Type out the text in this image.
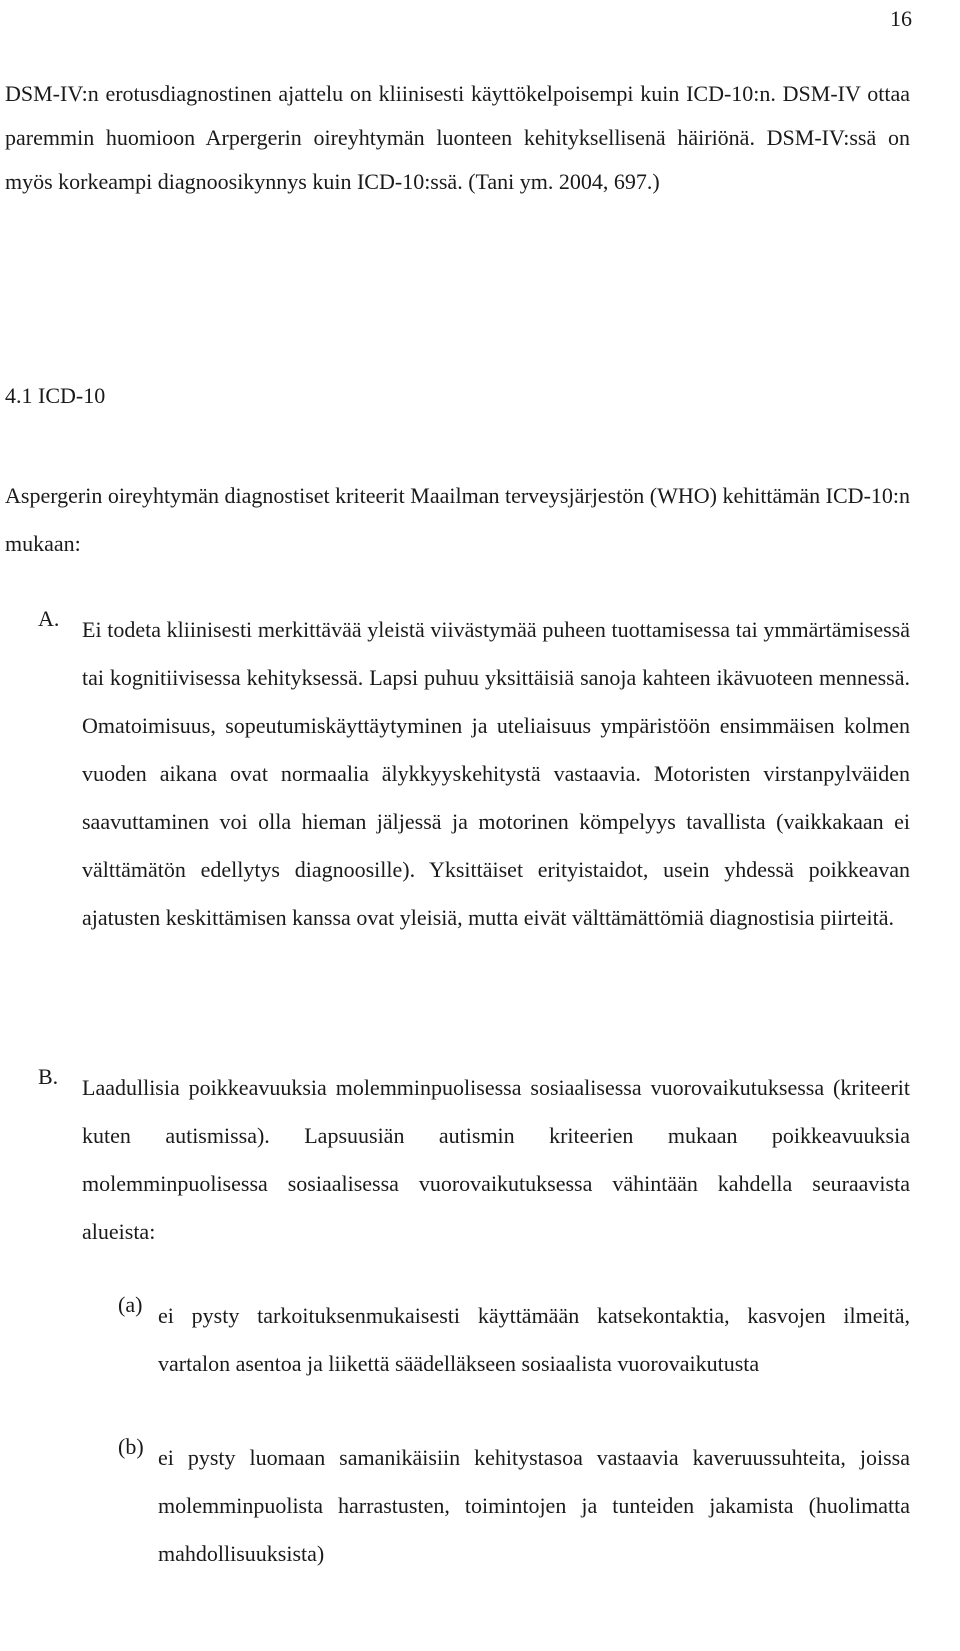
16

DSM-IV:n erotusdiagnostinen ajattelu on kliinisesti käyttökelpoisempi kuin ICD-10:n. DSM-IV ottaa paremmin huomioon Arpergerin oireyhtymän luonteen kehityksellisenä häiriönä. DSM-IV:ssä on myös korkeampi diagnoosikynnys kuin ICD-10:ssä. (Tani ym. 2004, 697.)

4.1 ICD-10

Aspergerin oireyhtymän diagnostiset kriteerit Maailman terveysjärjestön (WHO) kehittämän ICD-10:n mukaan:

A.	Ei todeta kliinisesti merkittävää yleistä viivästymää puheen tuottamisessa tai ymmärtämisessä tai kognitiivisessa kehityksessä. Lapsi puhuu yksittäisiä sanoja kahteen ikävuoteen mennessä. Omatoimisuus, sopeutumiskäyttäytyminen ja uteliaisuus ympäristöön ensimmäisen kolmen vuoden aikana ovat normaalia älykkyyskehitystä vastaavia. Motoristen virstanpylväiden saavuttaminen voi olla hieman jäljessä ja motorinen kömpelyys tavallista (vaikkakaan ei välttämätön edellytys diagnoosille). Yksittäiset erityistaidot, usein yhdessä poikkeavan ajatusten keskittämisen kanssa ovat yleisiä, mutta eivät välttämättömiä diagnostisia piirteitä.
B.	Laadullisia poikkeavuuksia molemminpuolisessa sosiaalisessa vuorovaikutuksessa (kriteerit kuten autismissa). Lapsuusiän autismin kriteerien mukaan poikkeavuuksia molemminpuolisessa sosiaalisessa vuorovaikutuksessa vähintään kahdella seuraavista alueista:
(a) ei pysty tarkoituksenmukaisesti käyttämään katsekontaktia, kasvojen ilmeitä, vartalon asentoa ja liikettä säädelläkseen sosiaalista vuorovaikutusta
(b) ei pysty luomaan samanikäisiin kehitystasoa vastaavia kaveruussuhteita, joissa molemminpuolista harrastusten, toimintojen ja tunteiden jakamista (huolimatta mahdollisuuksista)
